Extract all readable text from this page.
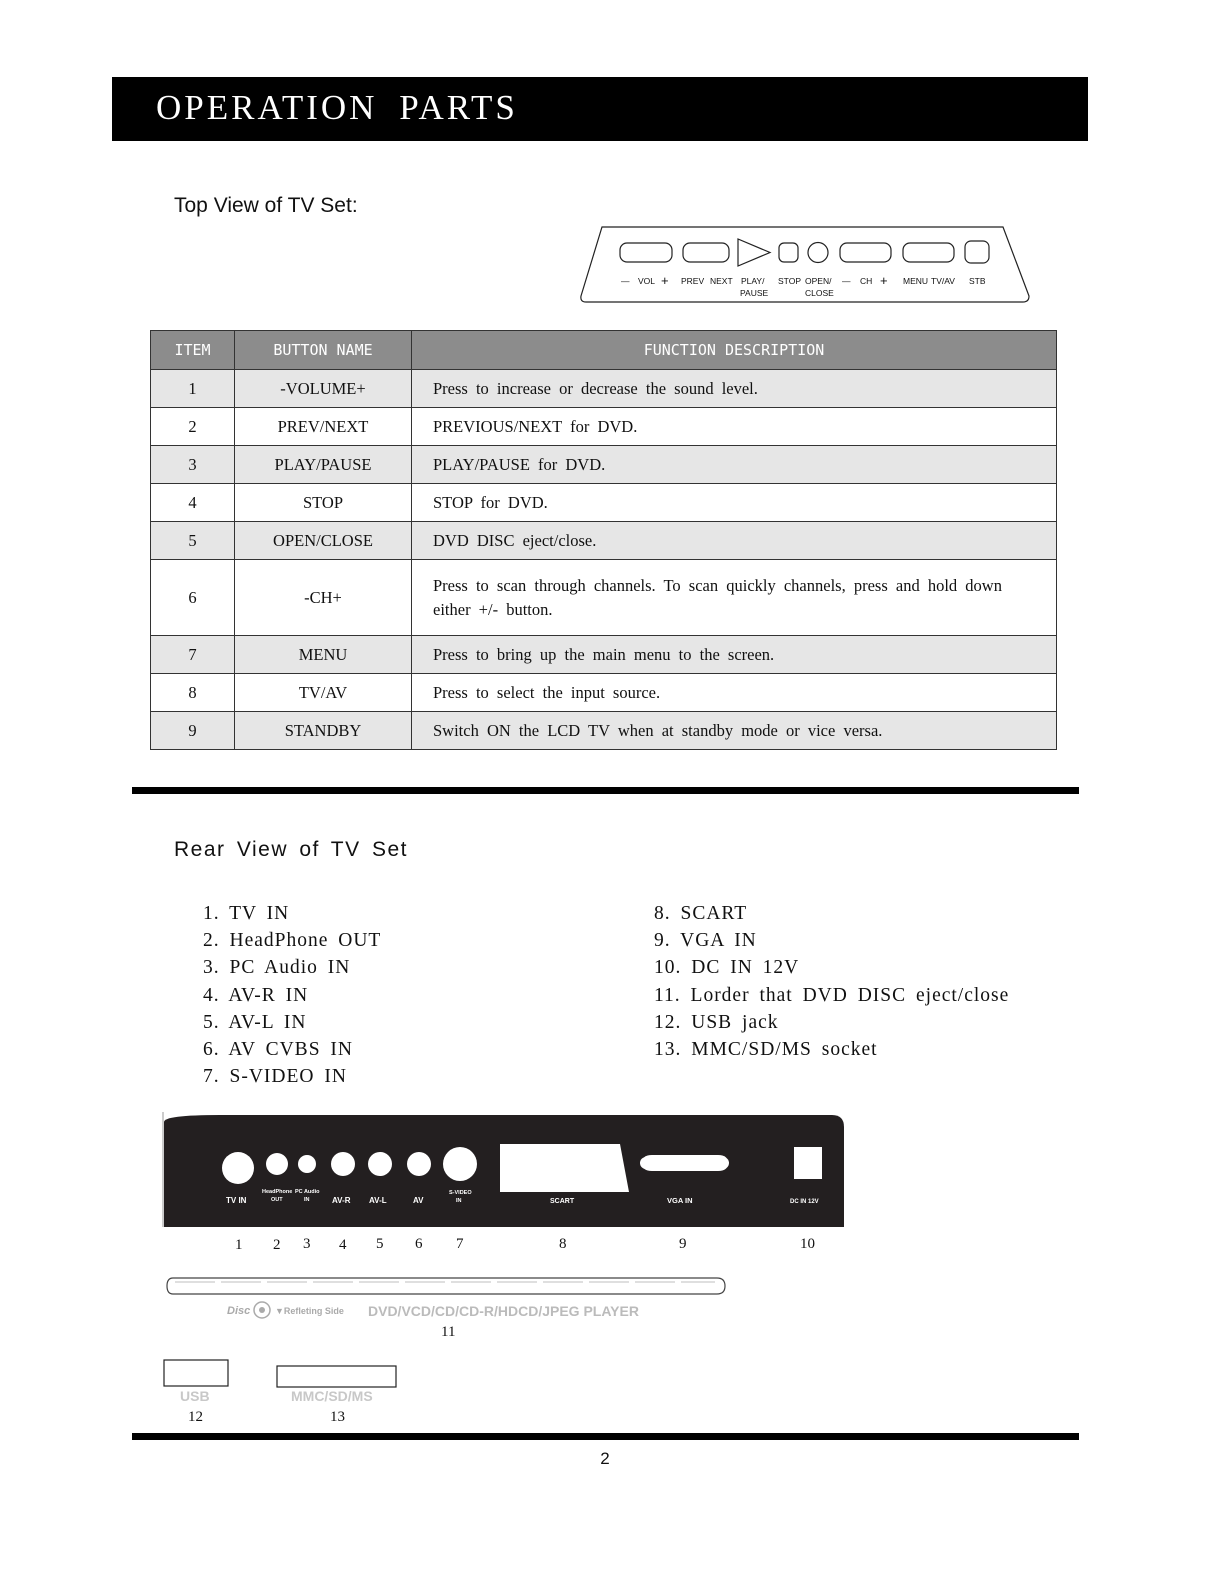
OPERATION PARTS
Top View of TV Set:
— VOL + PREV NEXT PLAY/
PAUSE
STOP OPEN/
CLOSE
— CH + MENU TV/AV STB
ITEM	BUTTON NAME	FUNCTION DESCRIPTION
1	-VOLUME+	Press to increase or decrease the sound level.
2	PREV/NEXT	PREVIOUS/NEXT for DVD.
3	PLAY/PAUSE	PLAY/PAUSE for DVD.
4	STOP	STOP for DVD.
5	OPEN/CLOSE	DVD DISC eject/close.
6	-CH+	Press to scan through channels. To scan quickly channels, press and hold down either +/- button.
7	MENU	Press to bring up the main menu to the screen.
8	TV/AV	Press to select the input source.
9	STANDBY	Switch ON the LCD TV when at standby mode or vice versa.
Rear View of TV Set
1. TV IN
2. HeadPhone OUT
3. PC Audio IN
4. AV-R IN
5. AV-L IN
6. AV CVBS IN
7. S-VIDEO IN
8. SCART
9. VGA IN
10. DC IN 12V
11. Lorder that DVD DISC eject/close
12. USB jack
13. MMC/SD/MS socket
TV IN
HeadPhone
OUT
PC Audio
IN	AV-R AV-L	AV
S-VIDEO
IN	SCART	VGA IN	DC IN 12V
1 2 3 4 5 6 7	8	9	10
Disc	▼Refleting Side DVD/VCD/CD/CD-R/HDCD/JPEG PLAYER
11
USB	MMC/SD/MS
12	13
2
